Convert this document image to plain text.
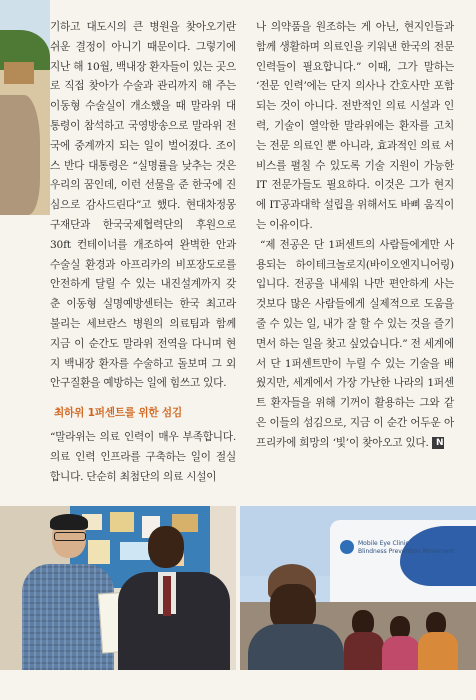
기하고 대도시의 큰 병원을 찾아오기란 쉬운 결정이 아니기 때문이다. 그렇기에 지난 해 10월, 백내장 환자들이 있는 곳으로 직접 찾아가 수술과 관리까지 해 주는 이동형 수술실이 개소했을 때 말라위 대통령이 참석하고 국영방송으로 말라위 전국에 중계까지 되는 일이 벌어졌다. 조이스 반다 대통령은 “실명률을 낮추는 것은 우리의 꿈인데, 이런 선물을 준 한국에 진심으로 감사드린다”고 했다. 현대차정몽구재단과 한국국제협력단의 후원으로 30ft 컨테이너를 개조하여 완벽한 안과 수술실 환경과 아프리카의 비포장도로를 안전하게 달릴 수 있는 내진설계까지 갖춘 이동형 실명예방센터는 한국 최고라 불리는 세브란스 병원의 의료팀과 함께 지금 이 순간도 말라위 전역을 다니며 현지 백내장 환자를 수술하고 돌보며 그 외 안구질환을 예방하는 일에 힘쓰고 있다.

최하위 1퍼센트를 위한 섬김

“말라위는 의료 인력이 매우 부족합니다. 의료 인력 인프라를 구축하는 일이 절실합니다. 단순히 최첨단의 의료 시설이

나 의약품을 원조하는 게 아닌, 현지인들과 함께 생활하며 의료인을 키워낸 한국의 전문 인력들이 필요합니다.” 이때, 그가 말하는 ‘전문 인력’에는 단지 의사나 간호사만 포함되는 것이 아니다. 전반적인 의료 시설과 인력, 기술이 열악한 말라위에는 환자를 고치는 전문 의료인 뿐 아니라, 효과적인 의료 서비스를 펼칠 수 있도록 기술 지원이 가능한 IT 전문가들도 필요하다. 이것은 그가 현지에 IT공과대학 설립을 위해서도 바삐 움직이는 이유이다.

“제 전공은 단 1퍼센트의 사람들에게만 사용되는 하이테크놀로지(바이오엔지니어링)입니다. 전공을 내세워 나만 편안하게 사는 것보다 많은 사람들에게 실제적으로 도움을 줄 수 있는 일, 내가 잘 할 수 있는 것을 즐기면서 하는 일을 찾고 싶었습니다.” 전 세계에서 단 1퍼센트만이 누릴 수 있는 기술을 배웠지만, 세계에서 가장 가난한 나라의 1퍼센트 환자들을 위해 기꺼이 활용하는 그와 같은 이들의 섬김으로, 지금 이 순간 어두운 아프리카에 희망의 ‘빛’이 찾아오고 있다. N

Mobile Eye Clinic
Blindness Prevention Movement
